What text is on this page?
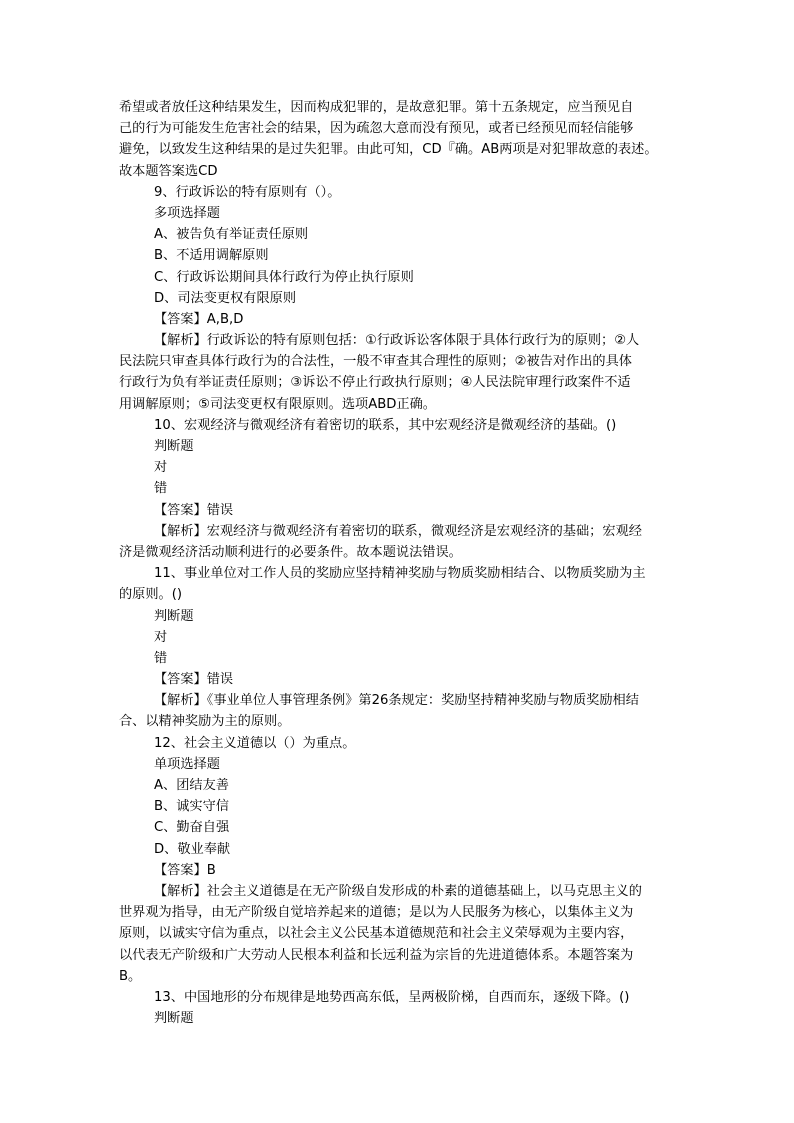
希望或者放任这种结果发生，因而构成犯罪的，是故意犯罪。第十五条规定，应当预见自
己的行为可能发生危害社会的结果，因为疏忽大意而没有预见，或者已经预见而轻信能够
避免，以致发生这种结果的是过失犯罪。由此可知，CD『确。AB两项是对犯罪故意的表述。
故本题答案选CD
9、行政诉讼的特有原则有（）。
多项选择题
A、被告负有举证责任原则
B、不适用调解原则
C、行政诉讼期间具体行政行为停止执行原则
D、司法变更权有限原则
【答案】A,B,D
【解析】行政诉讼的特有原则包括：①行政诉讼客体限于具体行政行为的原则；②人
民法院只审查具体行政行为的合法性，一般不审查其合理性的原则；②被告对作出的具体
行政行为负有举证责任原则；③诉讼不停止行政执行原则；④人民法院审理行政案件不适
用调解原则；⑤司法变更权有限原则。选项ABD正确。
10、宏观经济与微观经济有着密切的联系，其中宏观经济是微观经济的基础。()
判断题
对
错
【答案】错误
【解析】宏观经济与微观经济有着密切的联系，微观经济是宏观经济的基础；宏观经
济是微观经济活动顺利进行的必要条件。故本题说法错误。
11、事业单位对工作人员的奖励应坚持精神奖励与物质奖励相结合、以物质奖励为主
的原则。()
判断题
对
错
【答案】错误
【解析】《事业单位人事管理条例》第26条规定：奖励坚持精神奖励与物质奖励相结
合、以精神奖励为主的原则。
12、社会主义道德以（）为重点。
单项选择题
A、团结友善
B、诚实守信
C、勤奋自强
D、敬业奉献
【答案】B
【解析】社会主义道德是在无产阶级自发形成的朴素的道德基础上，以马克思主义的
世界观为指导，由无产阶级自觉培养起来的道德；是以为人民服务为核心，以集体主义为
原则，以诚实守信为重点，以社会主义公民基本道德规范和社会主义荣辱观为主要内容，
以代表无产阶级和广大劳动人民根本利益和长远利益为宗旨的先进道德体系。本题答案为
B。
13、中国地形的分布规律是地势西高东低，呈两极阶梯，自西而东，逐级下降。()
判断题
